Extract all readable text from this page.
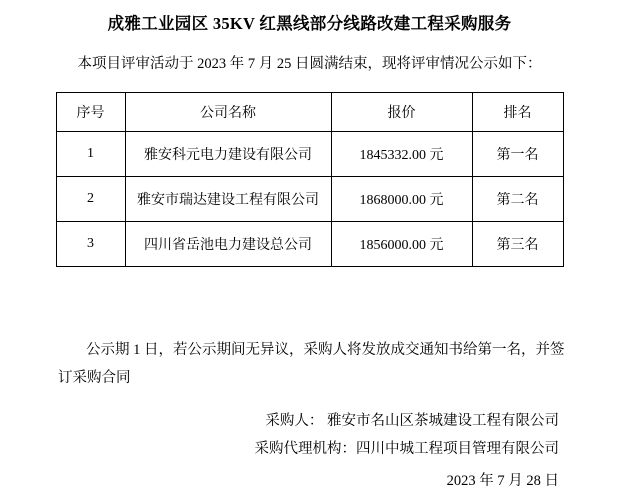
成雅工业园区 35KV 红黑线部分线路改建工程采购服务
本项目评审活动于 2023 年 7 月 25 日圆满结束，现将评审情况公示如下：
序号	公司名称	报价	排名
1	雅安科元电力建设有限公司	1845332.00 元	第一名
2	雅安市瑞达建设工程有限公司	1868000.00 元	第二名
3	四川省岳池电力建设总公司	1856000.00 元	第三名
公示期 1 日，若公示期间无异议，采购人将发放成交通知书给第一名，并签订采购合同
采购人： 雅安市名山区茶城建设工程有限公司
采购代理机构：四川中城工程项目管理有限公司
2023 年 7 月 28 日
